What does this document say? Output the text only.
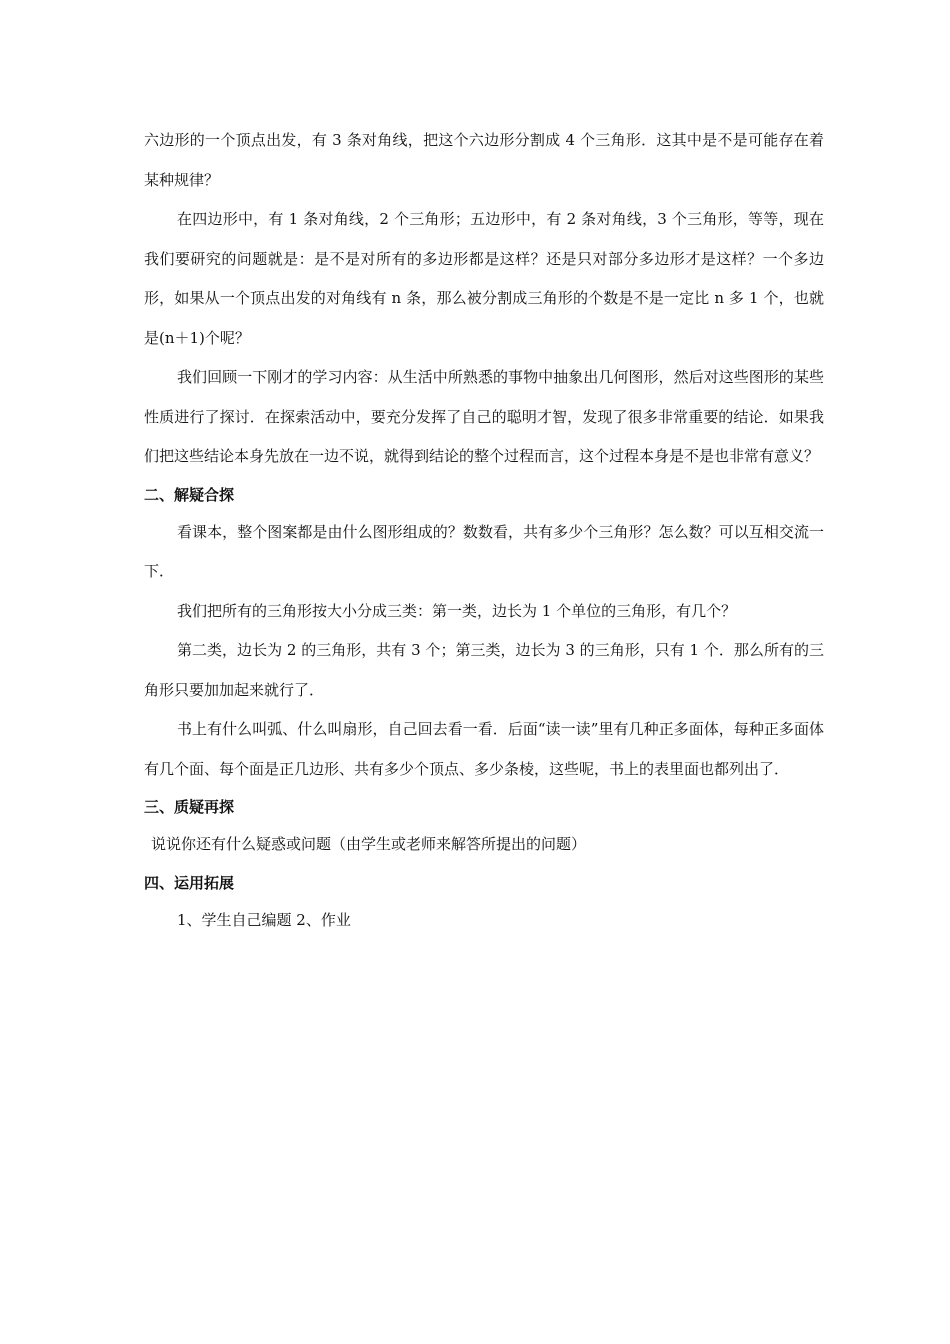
六边形的一个顶点出发，有 3 条对角线，把这个六边形分割成 4 个三角形．这其中是不是可能存在着某种规律？

在四边形中，有 1 条对角线，2 个三角形；五边形中，有 2 条对角线，3 个三角形，等等，现在我们要研究的问题就是：是不是对所有的多边形都是这样？还是只对部分多边形才是这样？一个多边形，如果从一个顶点出发的对角线有 n 条，那么被分割成三角形的个数是不是一定比 n 多 1 个，也就是(n＋1)个呢？

我们回顾一下刚才的学习内容：从生活中所熟悉的事物中抽象出几何图形，然后对这些图形的某些性质进行了探讨．在探索活动中，要充分发挥了自己的聪明才智，发现了很多非常重要的结论．如果我们把这些结论本身先放在一边不说，就得到结论的整个过程而言，这个过程本身是不是也非常有意义？

二、解疑合探

看课本，整个图案都是由什么图形组成的？数数看，共有多少个三角形？怎么数？可以互相交流一下．

我们把所有的三角形按大小分成三类：第一类，边长为 1 个单位的三角形，有几个？

第二类，边长为 2 的三角形，共有 3 个；第三类，边长为 3 的三角形，只有 1 个．那么所有的三角形只要加加起来就行了．

书上有什么叫弧、什么叫扇形，自己回去看一看．后面“读一读”里有几种正多面体，每种正多面体有几个面、每个面是正几边形、共有多少个顶点、多少条棱，这些呢，书上的表里面也都列出了．

三、质疑再探

说说你还有什么疑惑或问题（由学生或老师来解答所提出的问题）

四、运用拓展

1、学生自己编题 2、作业
